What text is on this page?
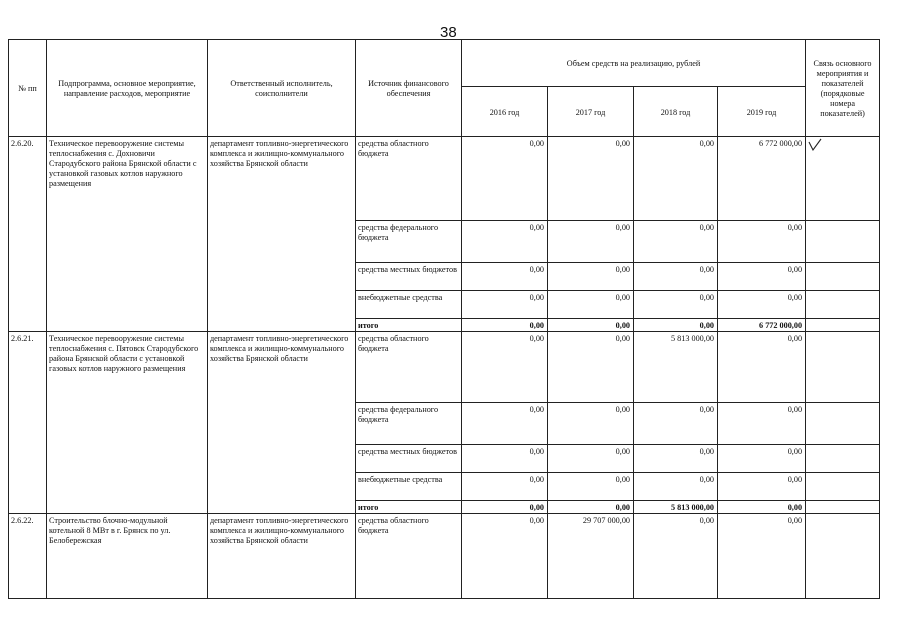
38
№ пп	Подпрограмма, основное мероприятие, направление расходов, мероприятие	Ответственный исполнитель, соисполнители	Источник финансового обеспечения	Объем средств на реализацию, рублей				Связь основного мероприятия и показателей (порядковые номера показателей)
				2016 год	2017 год	2018 год	2019 год	
2.6.20.	Техническое перевооружение системы теплоснабжения с. Дохновичи Стародубского района Брянской области с установкой газовых котлов наружного размещения	департамент топливно-энергетического комплекса и жилищно-коммунального хозяйства Брянской области	средства областного бюджета	0,00	0,00	0,00	6 772 000,00	
			средства федерального бюджета	0,00	0,00	0,00	0,00	
			средства местных бюджетов	0,00	0,00	0,00	0,00	
			внебюджетные средства	0,00	0,00	0,00	0,00	
			итого	0,00	0,00	0,00	6 772 000,00	
2.6.21.	Техническое перевооружение системы теплоснабжения с. Пятовск Стародубского района Брянской области с установкой газовых котлов наружного размещения	департамент топливно-энергетического комплекса и жилищно-коммунального хозяйства Брянской области	средства областного бюджета	0,00	0,00	5 813 000,00	0,00	
			средства федерального бюджета	0,00	0,00	0,00	0,00	
			средства местных бюджетов	0,00	0,00	0,00	0,00	
			внебюджетные средства	0,00	0,00	0,00	0,00	
			итого	0,00	0,00	5 813 000,00	0,00	
2.6.22.	Строительство блочно-модульной котельной 8 МВт в г. Брянск по ул. Белобережская	департамент топливно-энергетического комплекса и жилищно-коммунального хозяйства Брянской области	средства областного бюджета	0,00	29 707 000,00	0,00	0,00	
